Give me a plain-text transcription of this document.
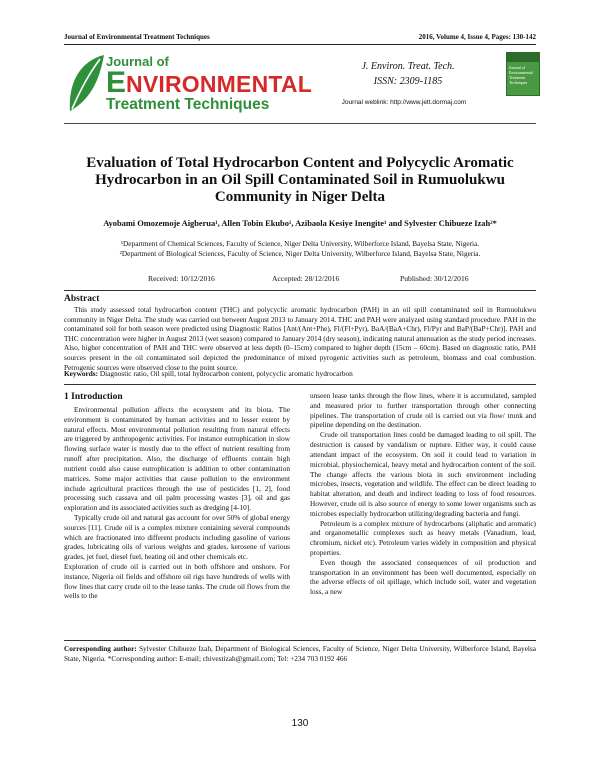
Journal of Environmental Treatment Techniques	2016, Volume 4, Issue 4, Pages: 130-142
Journal of
ENVIRONMENTAL
Treatment Techniques
J. Environ. Treat. Tech.
ISSN: 2309-1185
Journal weblink: http://www.jett.dormaj.com
Journal of Environmental Treatment Techniques
Evaluation of Total Hydrocarbon Content and Polycyclic Aromatic Hydrocarbon in an Oil Spill Contaminated Soil in Rumuolukwu Community in Niger Delta
Ayobami Omozemoje Aigberua¹, Allen Tobin Ekubo¹, Azibaola Kesiye Inengite¹ and Sylvester Chibueze Izah²*
¹Department of Chemical Sciences, Faculty of Science, Niger Delta University, Wilberforce Island, Bayelsa State, Nigeria.
²Department of Biological Sciences, Faculty of Science, Niger Delta University, Wilberforce Island, Bayelsa State, Nigeria.
Received: 10/12/2016	Accepted: 28/12/2016	Published: 30/12/2016
Abstract
This study assessed total hydrocarbon content (THC) and polycyclic aromatic hydrocarbon (PAH) in an oil spill contaminated soil in Rumuolukwu community in Niger Delta. The study was carried out between August 2013 to January 2014. THC and PAH were analyzed using standard procedure. PAH in the contaminated soil for both season were predicted using Diagnostic Ratios [Ant/(Ant+Phe), Fl/(Fl+Pyr), BaA/(BaA+Chr), Fl/Pyr and BaP/(BaP+Chr)]. PAH and THC concentration were higher in August 2013 (wet season) compared to January 2014 (dry season), indicating natural attenuation as the study period increases. Also, higher concentration of PAH and THC were observed at less depth (0–15cm) compared to higher depth (15cm – 60cm). Based on diagnostic ratio, PAH sources present in the oil contaminated soil depicted the predominance of mixed pyrogenic activities such as petroleum, biomass and coal combustion. Petrogenic sources were observed close to the point source.
Keywords: Diagnostic ratio, Oil spill, total hydrocarbon content, polycyclic aromatic hydrocarbon
1 Introduction

Environmental pollution affects the ecosystem and its biota. The environment is contaminated by human activities and to lesser extent by natural effects. Most environmental pollution resulting from natural effects are triggered by anthropogenic activities. For instance eutrophication in slow flowing surface water is mostly due to the effect of nutrient resulting from runoff after precipitation. Also, the discharge of effluents contain high nutrient could also cause eutrophication is addition to other contamination matrices. Some major activities that cause pollution to the environment include agricultural practices through the use of pesticides [1, 2], food processing such cassava and oil palm processing wastes [3], oil and gas exploration and its associated activities such as dredging [4-10].

Typically crude oil and natural gas account for over 50% of global energy sources [11]. Crude oil is a complex mixture containing several compounds which are fractionated into different products including gasoline of various grades, lubricating oils of various weights and grades, kerosene of various grades, jet fuel, diesel fuel, heating oil and other chemicals etc.

Exploration of crude oil is carried out in both offshore and onshore. For instance, Nigeria oil fields and offshore oil rigs have hundreds of wells with flow lines that carry crude oil to the lease tanks. The crude oil flows from the wells to the

unseen lease tanks through the flow lines, where it is accumulated, sampled and measured prior to further transportation through other connecting pipelines. The transportation of crude oil is carried out via flow/ trunk and pipeline depending on the destination.

Crude oil transportation lines could be damaged leading to oil spill. The destruction is caused by vandalism or rupture. Either way, it could cause attendant impact of the ecosystem. On soil it could lead to variation in microbial, physiochemical, heavy metal and hydrocarbon content of the soil. The change affects the various biota in such environment including microbes, insects, vegetation and wildlife. The effect can be direct leading to habitat alteration, and death and indirect leading to loss of food resources. However, crude oil is also source of energy to some lower organisms such as microbes especially hydrocarbon utilizing/degrading bacteria and fungi.

Petroleum is a complex mixture of hydrocarbons (aliphatic and aromatic) and organometallic complexes such as heavy metals (Vanadium, lead, chromium, nickel etc). Petroleum varies widely in composition and physical properties.

Even though the associated consequences of oil production and transportation in an environment has been well documented, especially on the adverse effects of oil spillage, which include soil, water and vegetation loss, a new

Corresponding author: Sylvester Chibueze Izah, Department of Biological Sciences, Faculty of Science, Niger Delta University, Wilberforce Island, Bayelsa State, Nigeria. *Corresponding author: E-mail; chivestizah@gmail.com; Tel: +234 703 0192 466
130
